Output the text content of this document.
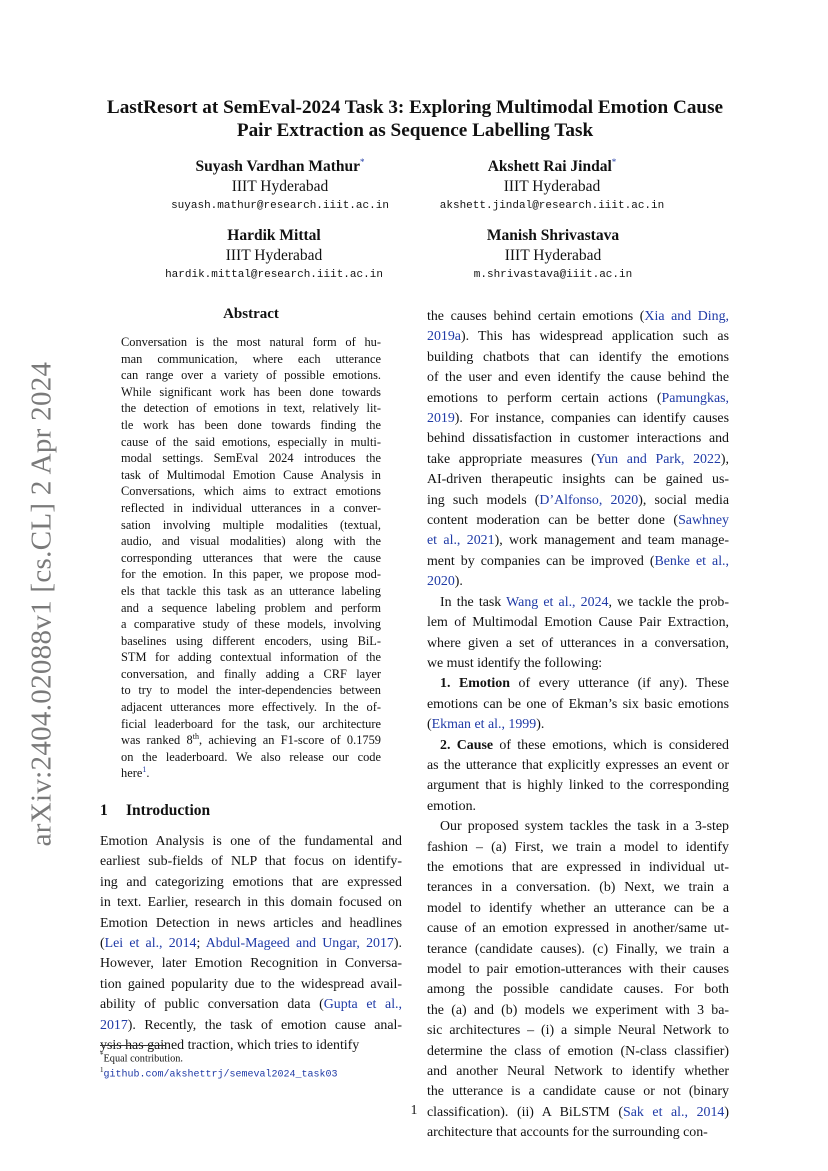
arXiv:2404.02088v1 [cs.CL] 2 Apr 2024
LastResort at SemEval-2024 Task 3: Exploring Multimodal Emotion Cause
Pair Extraction as Sequence Labelling Task
Suyash Vardhan Mathur*
IIIT Hyderabad
suyash.mathur@research.iiit.ac.in
Akshett Rai Jindal*
IIIT Hyderabad
akshett.jindal@research.iiit.ac.in
Hardik Mittal
IIIT Hyderabad
hardik.mittal@research.iiit.ac.in
Manish Shrivastava
IIIT Hyderabad
m.shrivastava@iiit.ac.in
Abstract
Conversation is the most natural form of hu-
man communication, where each utterance
can range over a variety of possible emotions.
While significant work has been done towards
the detection of emotions in text, relatively lit-
tle work has been done towards finding the
cause of the said emotions, especially in multi-
modal settings. SemEval 2024 introduces the
task of Multimodal Emotion Cause Analysis in
Conversations, which aims to extract emotions
reflected in individual utterances in a conver-
sation involving multiple modalities (textual,
audio, and visual modalities) along with the
corresponding utterances that were the cause
for the emotion. In this paper, we propose mod-
els that tackle this task as an utterance labeling
and a sequence labeling problem and perform
a comparative study of these models, involving
baselines using different encoders, using BiL-
STM for adding contextual information of the
conversation, and finally adding a CRF layer
to try to model the inter-dependencies between
adjacent utterances more effectively. In the of-
ficial leaderboard for the task, our architecture
was ranked 8th, achieving an F1-score of 0.1759
on the leaderboard. We also release our code
here$^1$.
1 Introduction
Emotion Analysis is one of the fundamental and
earliest sub-fields of NLP that focus on identify-
ing and categorizing emotions that are expressed
in text. Earlier, research in this domain focused on
Emotion Detection in news articles and headlines
(Lei et al., 2014; Abdul-Mageed and Ungar, 2017).
However, later Emotion Recognition in Conversa-
tion gained popularity due to the widespread avail-
ability of public conversation data (Gupta et al.,
2017). Recently, the task of emotion cause anal-
ysis has gained traction, which tries to identify
*Equal contribution.
$^1$github.com/akshettrj/semeval2024_task03
the causes behind certain emotions (Xia and Ding,
2019a). This has widespread application such as
building chatbots that can identify the emotions
of the user and even identify the cause behind the
emotions to perform certain actions (Pamungkas,
2019). For instance, companies can identify causes
behind dissatisfaction in customer interactions and
take appropriate measures (Yun and Park, 2022),
AI-driven therapeutic insights can be gained us-
ing such models (D’Alfonso, 2020), social media
content moderation can be better done (Sawhney
et al., 2021), work management and team manage-
ment by companies can be improved (Benke et al.,
2020).
In the task Wang et al., 2024, we tackle the prob-
lem of Multimodal Emotion Cause Pair Extraction,
where given a set of utterances in a conversation,
we must identify the following:
1. Emotion of every utterance (if any). These
emotions can be one of Ekman’s six basic emotions
(Ekman et al., 1999).
2. Cause of these emotions, which is considered
as the utterance that explicitly expresses an event or
argument that is highly linked to the corresponding
emotion.
Our proposed system tackles the task in a 3-step
fashion – (a) First, we train a model to identify
the emotions that are expressed in individual ut-
terances in a conversation. (b) Next, we train a
model to identify whether an utterance can be a
cause of an emotion expressed in another/same ut-
terance (candidate causes). (c) Finally, we train a
model to pair emotion-utterances with their causes
among the possible candidate causes. For both
the (a) and (b) models we experiment with 3 ba-
sic architectures – (i) a simple Neural Network to
determine the class of emotion (N-class classifier)
and another Neural Network to identify whether
the utterance is a candidate cause or not (binary
classification). (ii) A BiLSTM (Sak et al., 2014)
architecture that accounts for the surrounding con-
1
